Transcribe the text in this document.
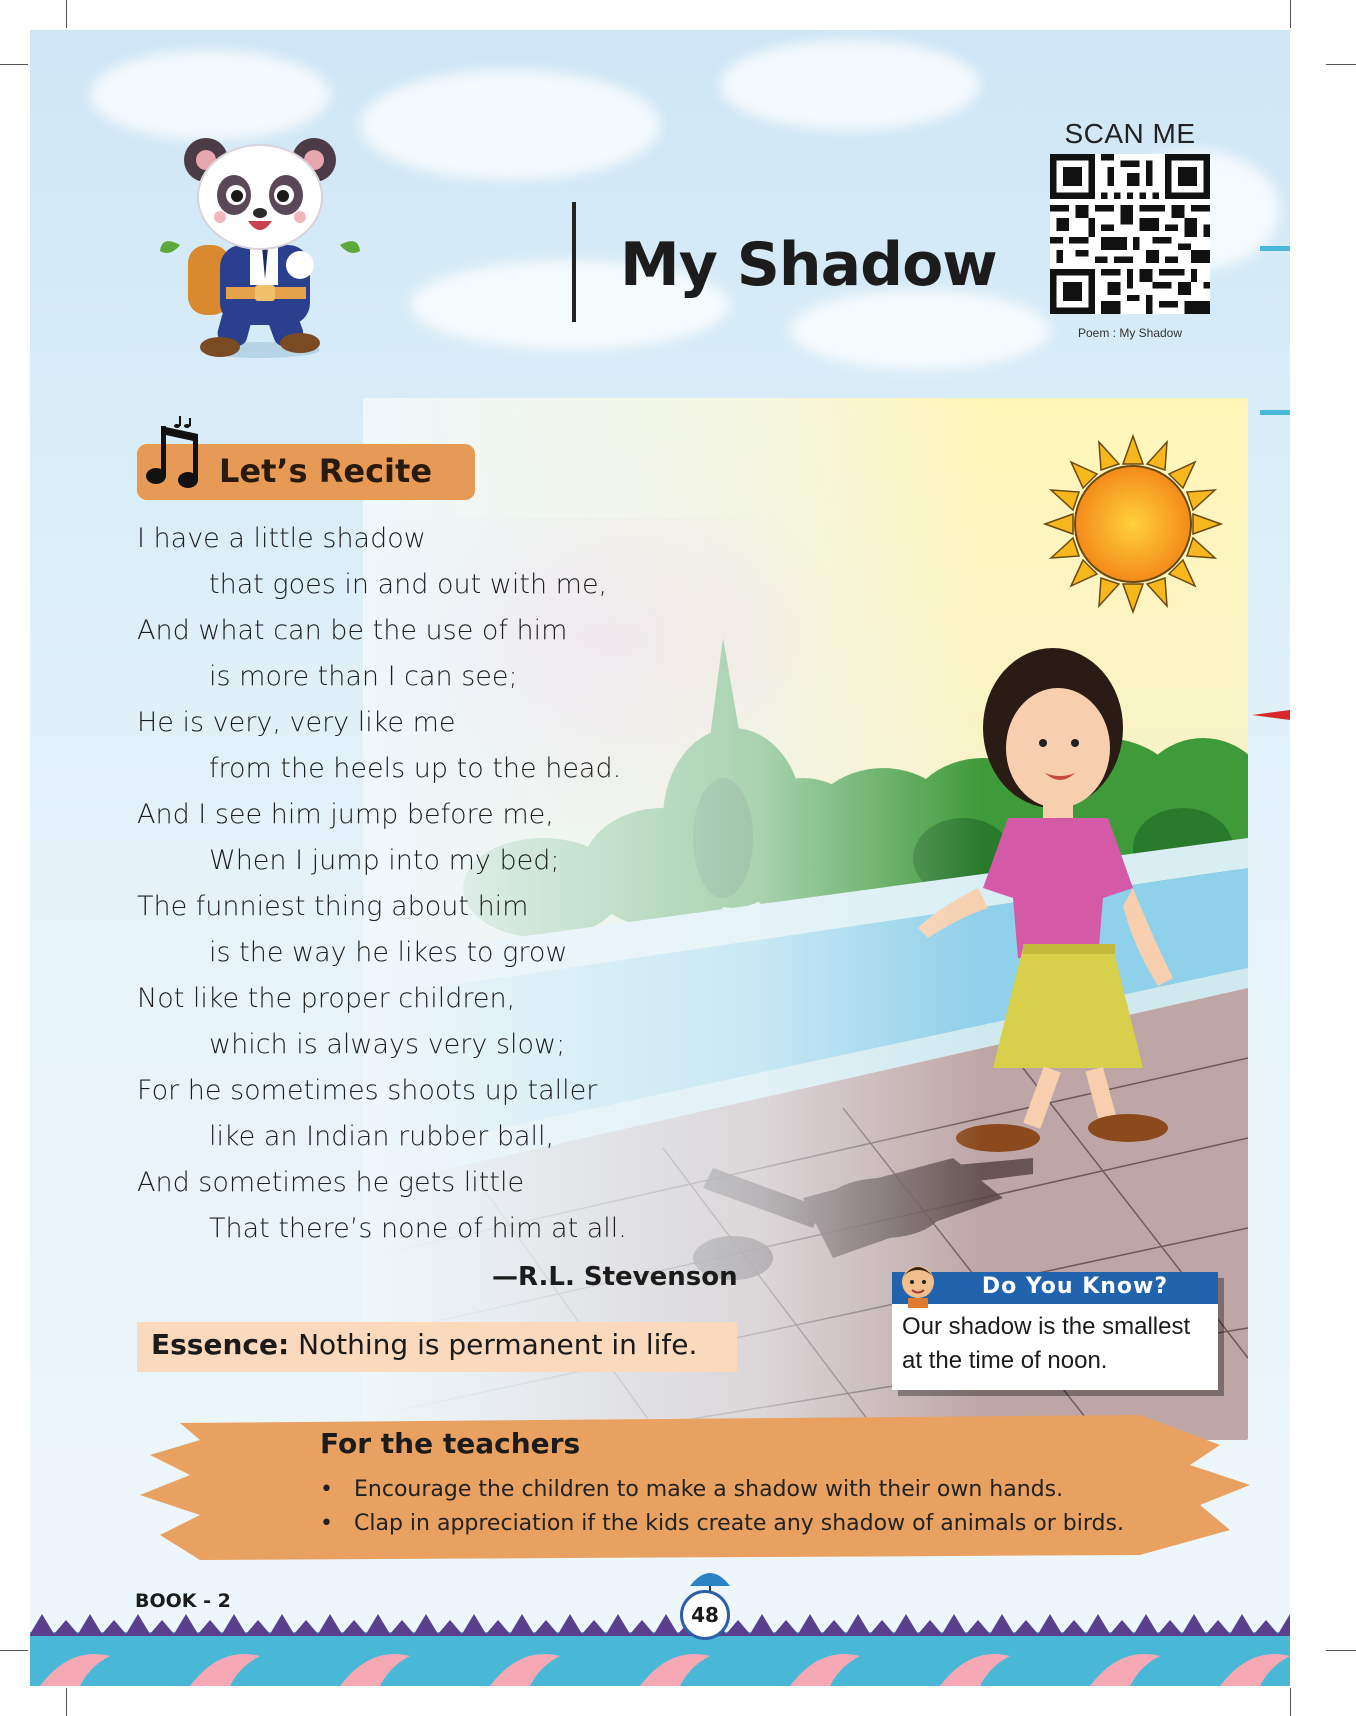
My Shadow
SCAN ME
Poem : My Shadow
Let’s Recite
I have a little shadow
that goes in and out with me,
And what can be the use of him
is more than I can see;
He is very, very like me
from the heels up to the head.
And I see him jump before me,
When I jump into my bed;
The funniest thing about him
is the way he likes to grow
Not like the proper children,
which is always very slow;
For he sometimes shoots up taller
like an Indian rubber ball,
And sometimes he gets little
That there’s none of him at all.
—R.L. Stevenson
Essence: Nothing is permanent in life.
Do You Know?
Our shadow is the smallest at the time of noon.
For the teachers
• Encourage the children to make a shadow with their own hands.
• Clap in appreciation if the kids create any shadow of animals or birds.
BOOK - 2
48
